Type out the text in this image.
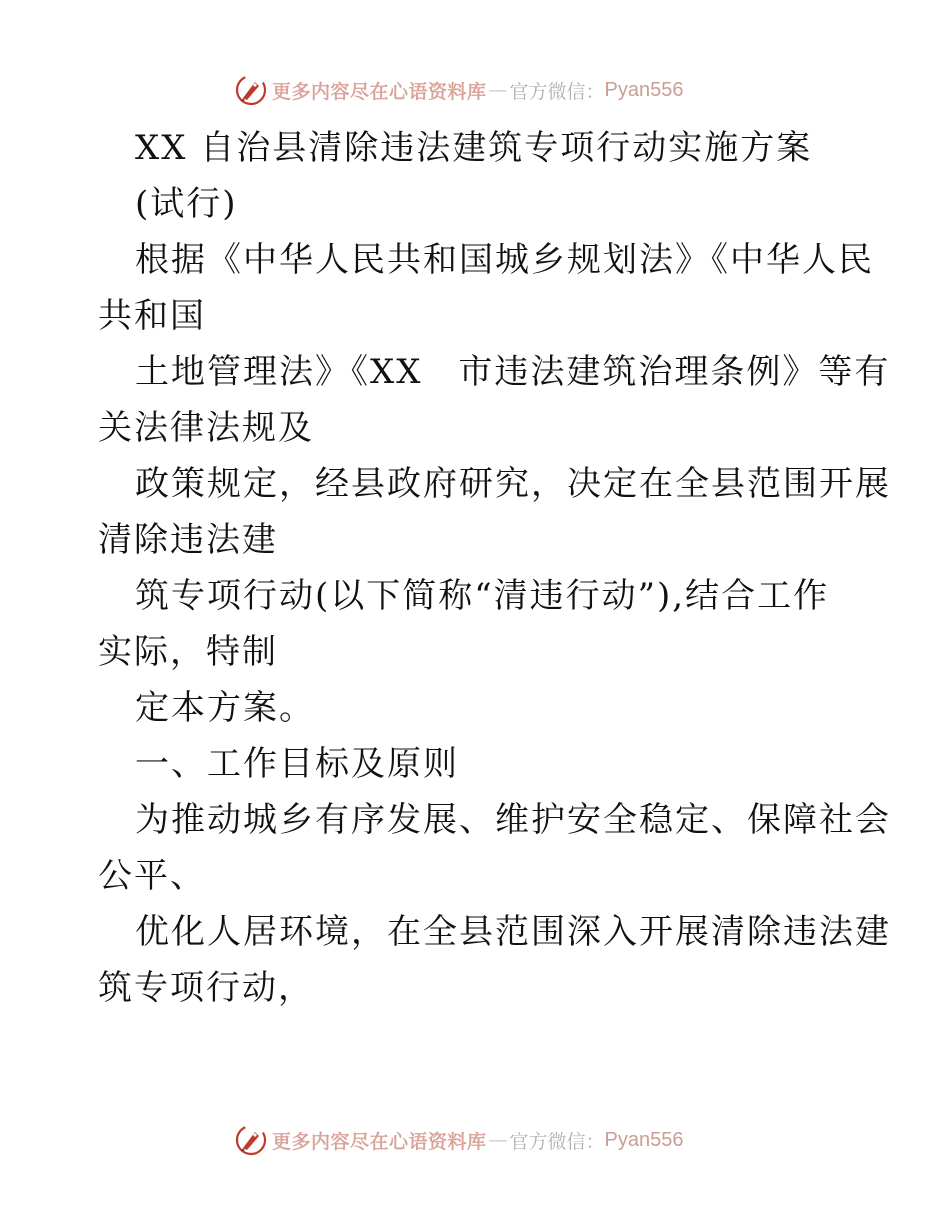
更多内容尽在心语资料库 — 官方微信： Pyan556
XX 自治县清除违法建筑专项行动实施方案
(试行)
根据《中华人民共和国城乡规划法》《中华人民
共和国
土地管理法》《XX　市违法建筑治理条例》等有
关法律法规及
政策规定，经县政府研究，决定在全县范围开展
清除违法建
筑专项行动(以下简称“清违行动”),结合工作
实际，特制
定本方案。
一、工作目标及原则
为推动城乡有序发展、维护安全稳定、保障社会
公平、
优化人居环境，在全县范围深入开展清除违法建
筑专项行动，
更多内容尽在心语资料库 — 官方微信： Pyan556
